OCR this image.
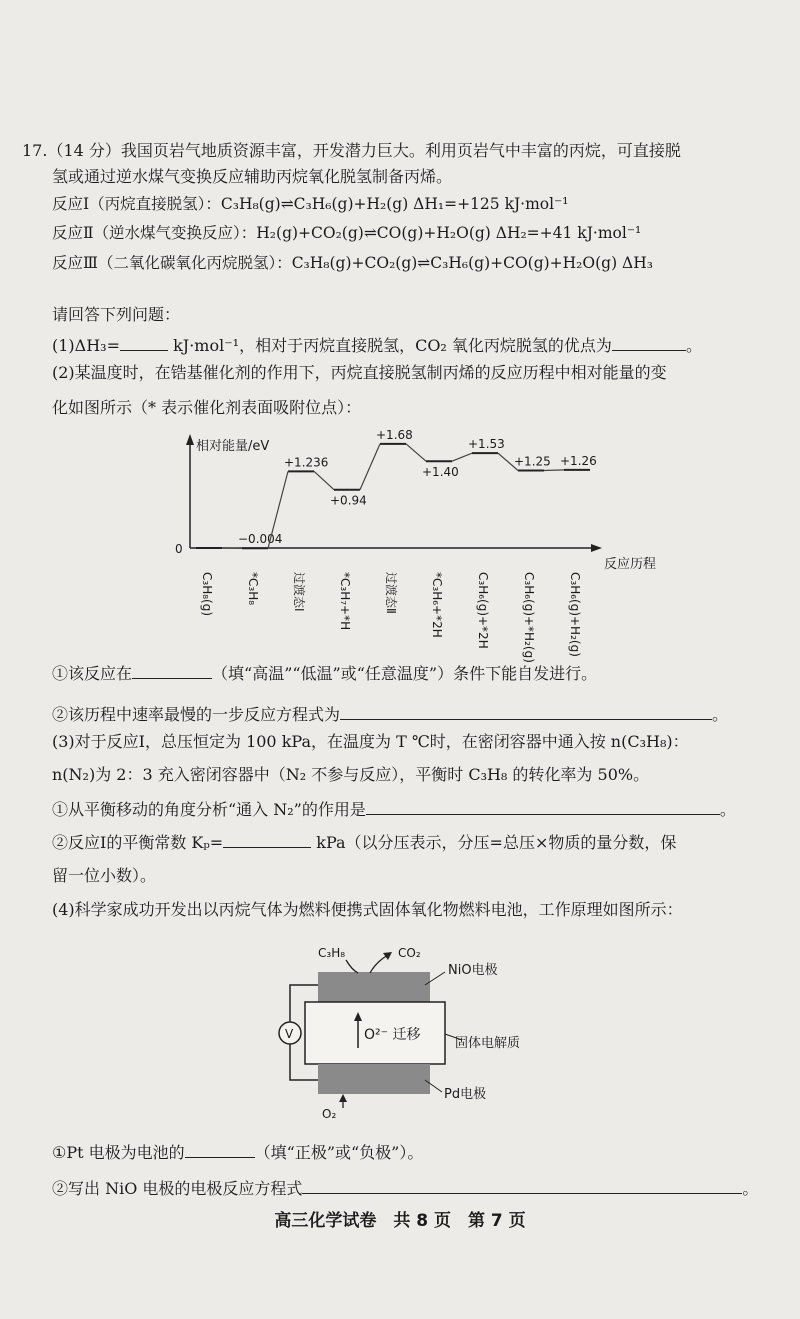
17.（14 分）我国页岩气地质资源丰富，开发潜力巨大。利用页岩气中丰富的丙烷，可直接脱
氢或通过逆水煤气变换反应辅助丙烷氧化脱氢制备丙烯。
反应Ⅰ（丙烷直接脱氢）：C₃H₈(g)⇌C₃H₆(g)+H₂(g) ΔH₁=+125 kJ·mol⁻¹
反应Ⅱ（逆水煤气变换反应）：H₂(g)+CO₂(g)⇌CO(g)+H₂O(g) ΔH₂=+41 kJ·mol⁻¹
反应Ⅲ（二氧化碳氧化丙烷脱氢）：C₃H₈(g)+CO₂(g)⇌C₃H₆(g)+CO(g)+H₂O(g) ΔH₃
请回答下列问题：
(1)ΔH₃=	kJ·mol⁻¹，相对于丙烷直接脱氢，CO₂ 氧化丙烷脱氢的优点为	。
(2)某温度时，在锆基催化剂的作用下，丙烷直接脱氢制丙烯的反应历程中相对能量的变
化如图所示（* 表示催化剂表面吸附位点）：
相对能量/eV
反应历程
0
C₃H₈(g)
−0.004
*C₃H₈
+1.236
过渡态Ⅰ
+0.94
*C₃H₇+*H
+1.68
过渡态Ⅱ
+1.40
*C₃H₆+*2H
+1.53
C₃H₆(g)+*2H
+1.25
C₃H₆(g)+*H₂(g)
+1.26
C₃H₆(g)+H₂(g)
①该反应在	（填“高温”“低温”或“任意温度”）条件下能自发进行。
②该历程中速率最慢的一步反应方程式为	。
(3)对于反应Ⅰ，总压恒定为 100 kPa，在温度为 T ℃时，在密闭容器中通入按 n(C₃H₈)：
n(N₂)为 2：3 充入密闭容器中（N₂ 不参与反应），平衡时 C₃H₈ 的转化率为 50%。
①从平衡移动的角度分析“通入 N₂”的作用是	。
②反应Ⅰ的平衡常数 Kₚ=	kPa（以分压表示，分压=总压×物质的量分数，保
留一位小数）。
(4)科学家成功开发出以丙烷气体为燃料便携式固体氧化物燃料电池，工作原理如图所示：
V	O²⁻ 迁移
C₃H₈	CO₂
NiO电极
固体电解质
Pd电极
O₂
①Pt 电极为电池的	（填“正极”或“负极”）。
②写出 NiO 电极的电极反应方程式	。
高三化学试卷　共 8 页　第 7 页
